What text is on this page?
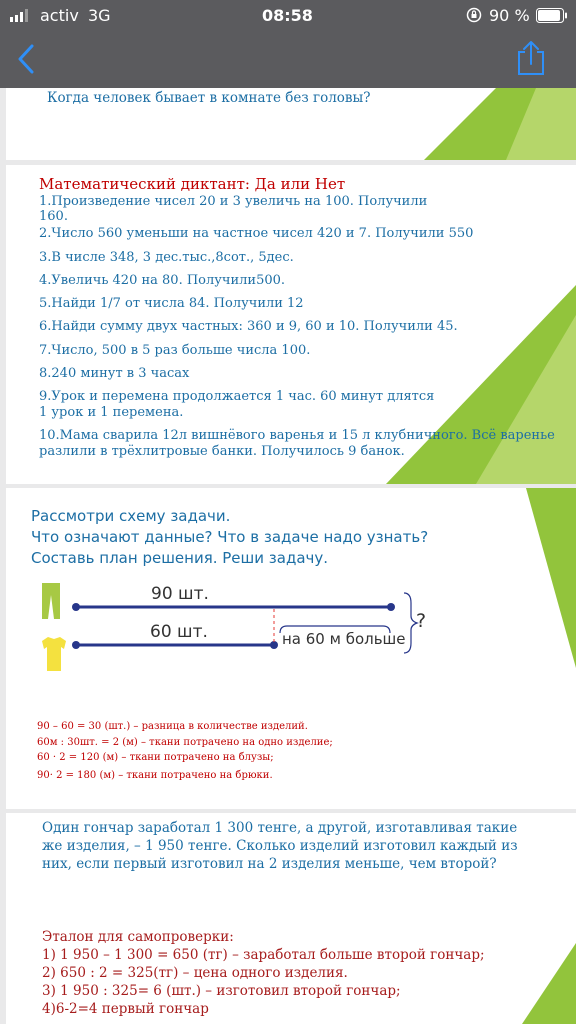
activ 3G	08:58	90 %
Когда человек бывает в комнате без головы?
Математический диктант: Да или Нет
1.Произведение чисел 20 и 3 увеличь на 100. Получили
160.
2.Число 560 уменьши на частное чисел 420 и 7. Получили 550
3.В числе 348, 3 дес.тыс.,8сот., 5дес.
4.Увеличь 420 на 80. Получили500.
5.Найди 1/7 от числа 84. Получили 12
6.Найди сумму двух частных: 360 и 9, 60 и 10. Получили 45.
7.Число, 500 в 5 раз больше числа 100.
8.240 минут в 3 часах
9.Урок и перемена продолжается 1 час. 60 минут длятся
1 урок и 1 перемена.
10.Мама сварила 12л вишнёвого варенья и 15 л клубничного. Всё варенье
разлили в трёхлитровые банки. Получилось 9 банок.
Рассмотри схему задачи.
Что означают данные? Что в задаче надо узнать?
Составь план решения. Реши задачу.
90 шт.
60 шт.	на 60 м больше
?
90 – 60 = 30 (шт.) – разница в количестве изделий.
60м : 30шт. = 2 (м) – ткани потрачено на одно изделие;
60 · 2 = 120 (м) – ткани потрачено на блузы;
90· 2 = 180 (м) – ткани потрачено на брюки.
Один гончар заработал 1 300 тенге, а другой, изготавливая такие
же изделия, – 1 950 тенге. Сколько изделий изготовил каждый из
них, если первый изготовил на 2 изделия меньше, чем второй?
Эталон для самопроверки:
1) 1 950 – 1 300 = 650 (тг) – заработал больше второй гончар;
2) 650 : 2 = 325(тг) – цена одного изделия.
3) 1 950 : 325= 6 (шт.) – изготовил второй гончар;
4)6-2=4 первый гончар
